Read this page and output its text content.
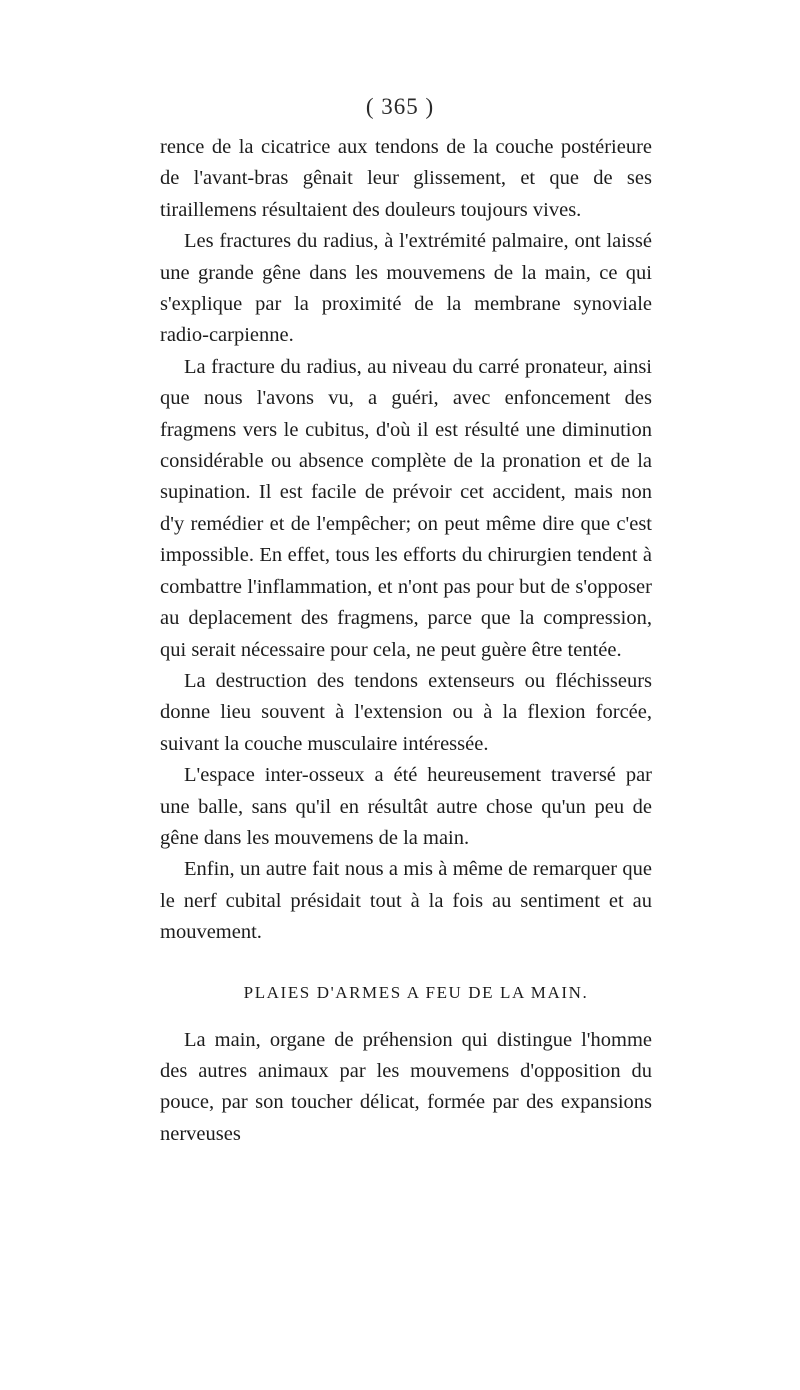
( 365 )

rence de la cicatrice aux tendons de la couche postérieure de l'avant-bras gênait leur glissement, et que de ses tiraillemens résultaient des douleurs toujours vives.

Les fractures du radius, à l'extrémité palmaire, ont laissé une grande gêne dans les mouvemens de la main, ce qui s'explique par la proximité de la membrane synoviale radio-carpienne.

La fracture du radius, au niveau du carré pronateur, ainsi que nous l'avons vu, a guéri, avec enfoncement des fragmens vers le cubitus, d'où il est résulté une diminution considérable ou absence complète de la pronation et de la supination. Il est facile de prévoir cet accident, mais non d'y remédier et de l'empêcher; on peut même dire que c'est impossible. En effet, tous les efforts du chirurgien tendent à combattre l'inflammation, et n'ont pas pour but de s'opposer au deplacement des fragmens, parce que la compression, qui serait nécessaire pour cela, ne peut guère être tentée.

La destruction des tendons extenseurs ou fléchisseurs donne lieu souvent à l'extension ou à la flexion forcée, suivant la couche musculaire intéressée.

L'espace inter-osseux a été heureusement traversé par une balle, sans qu'il en résultât autre chose qu'un peu de gêne dans les mouvemens de la main.

Enfin, un autre fait nous a mis à même de remarquer que le nerf cubital présidait tout à la fois au sentiment et au mouvement.

PLAIES D'ARMES A FEU DE LA MAIN.

La main, organe de préhension qui distingue l'homme des autres animaux par les mouvemens d'opposition du pouce, par son toucher délicat, formée par des expansions nerveuses
